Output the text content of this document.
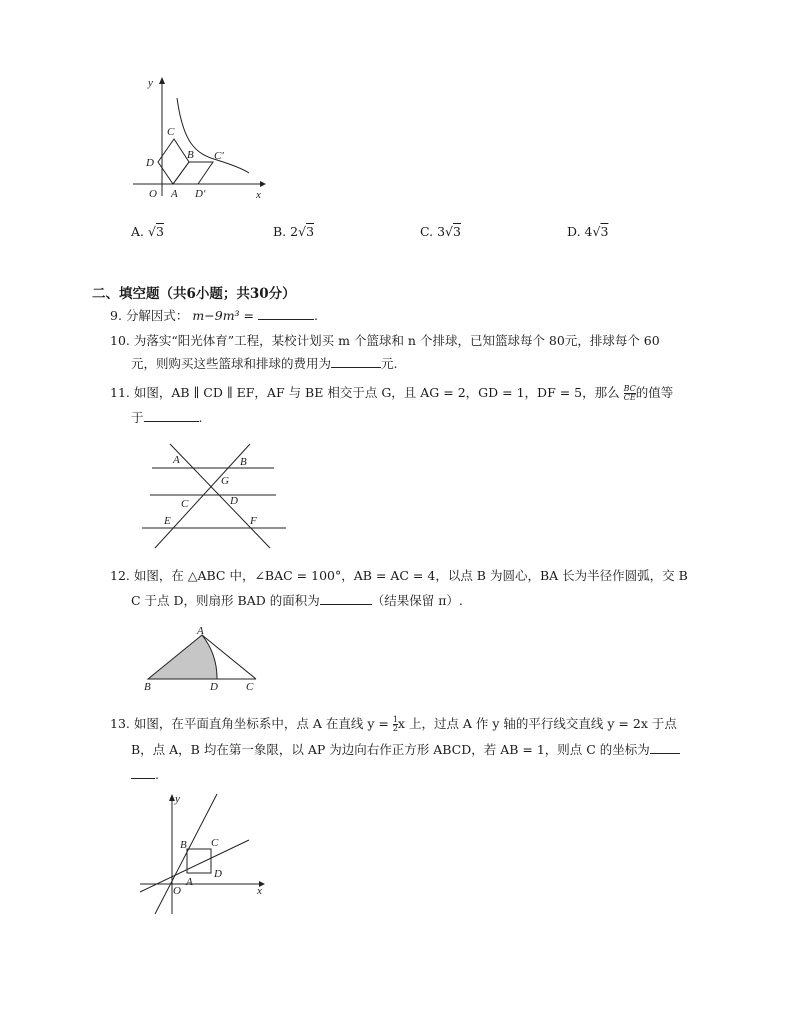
y
x
O A
B
C
D
C′
D′
A. √3	B. 2√3	C. 3√3	D. 4√3
二、填空题（共6小题；共30分）
9. 分解因式： m−9m³ =	.
10. 为落实“阳光体育”工程，某校计划买 m 个篮球和 n 个排球，已知篮球每个 80元，排球每个 60
元，则购买这些篮球和排球的费用为	元.
11. 如图，AB ∥ CD ∥ EF，AF 与 BE 相交于点 G，且 AG = 2，GD = 1，DF = 5，那么 $\frac{BC}{CE}$ 的值等
于	.
A	B
G
C	D
E	F
12. 如图，在 △ABC 中，∠BAC = 100°，AB = AC = 4，以点 B 为圆心，BA 长为半径作圆弧，交 B
C 于点 D，则扇形 BAD 的面积为	（结果保留 π）.
A
B	D	C
13. 如图，在平面直角坐标系中，点 A 在直线 $y = \frac{1}{2}$ x 上，过点 A 作 y 轴的平行线交直线 y = 2x 于点
B，点 A，B 均在第一象限，以 AP 为边向右作正方形 ABCD，若 AB = 1，则点 C 的坐标为
.
y
x
O
A
B C
D
